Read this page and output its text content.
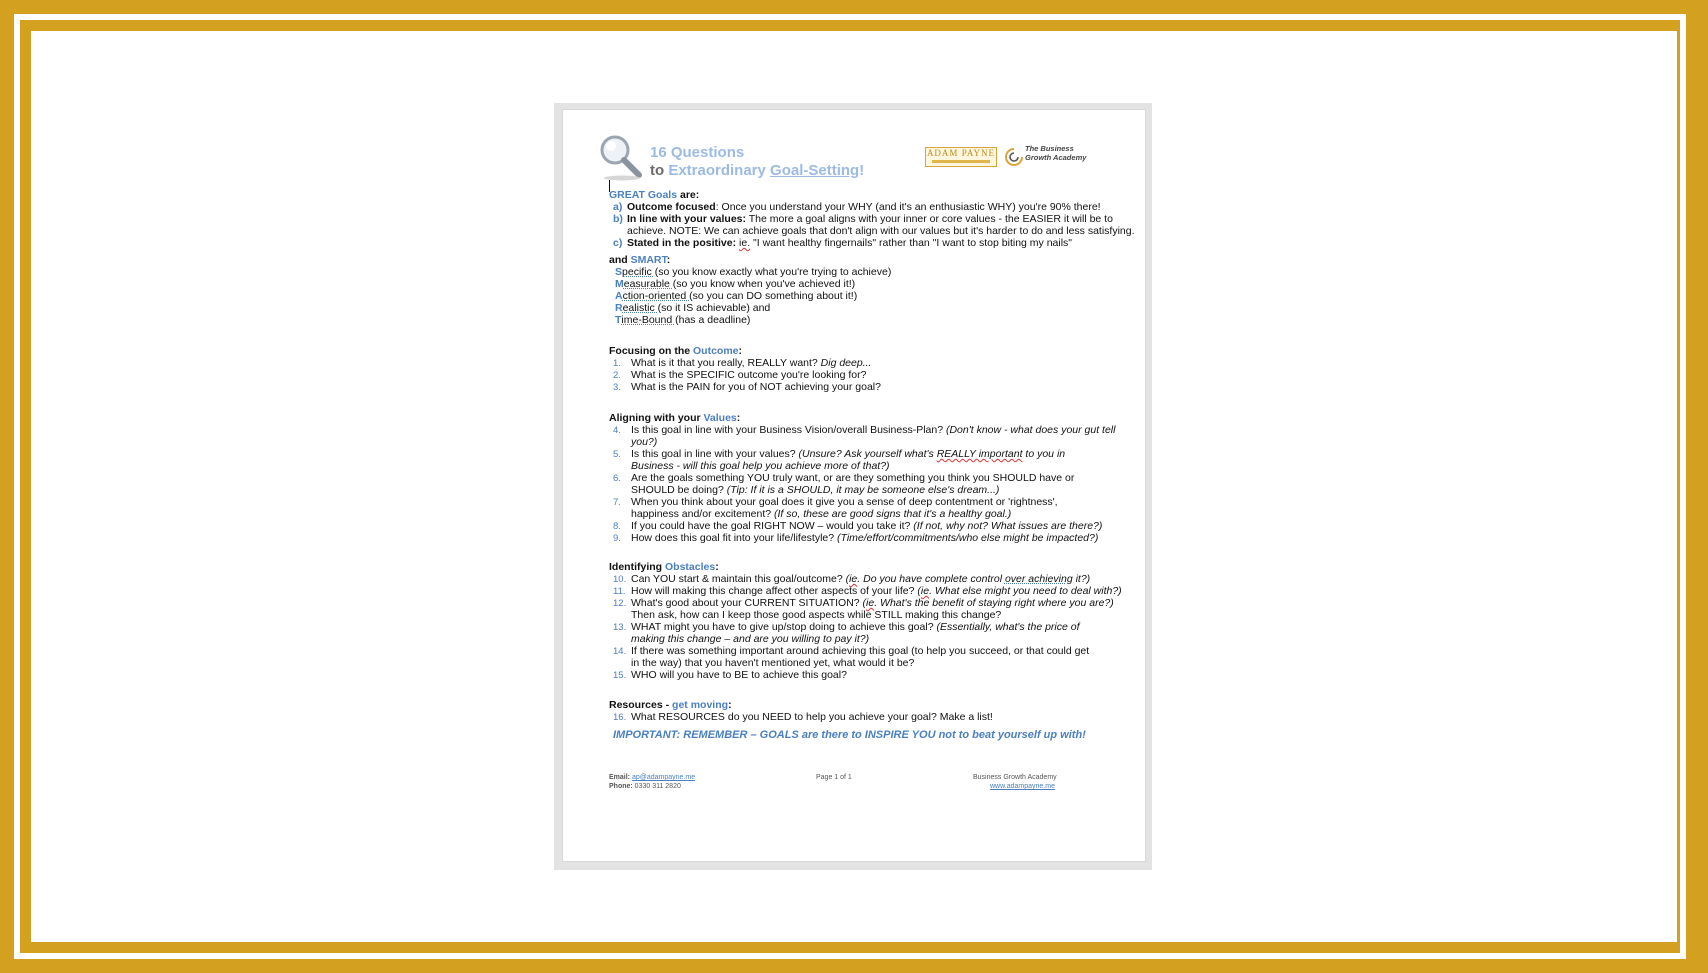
16 Questions
to Extraordinary Goal-Setting!
ADAM PAYNE	The Business
Growth Academy
GREAT Goals are:
a) Outcome focused: Once you understand your WHY (and it's an enthusiastic WHY) you're 90% there!
b) In line with your values: The more a goal aligns with your inner or core values - the EASIER it will be to
achieve. NOTE: We can achieve goals that don't align with our values but it's harder to do and less satisfying.
c) Stated in the positive: ie. "I want healthy fingernails" rather than "I want to stop biting my nails"
and SMART:
Specific (so you know exactly what you're trying to achieve)
Measurable (so you know when you've achieved it!)
Action-oriented (so you can DO something about it!)
Realistic (so it IS achievable) and
Time-Bound (has a deadline)
Focusing on the Outcome:
1. What is it that you really, REALLY want? Dig deep...
2. What is the SPECIFIC outcome you're looking for?
3. What is the PAIN for you of NOT achieving your goal?
Aligning with your Values:
4. Is this goal in line with your Business Vision/overall Business-Plan? (Don't know - what does your gut tell
you?)
5. Is this goal in line with your values? (Unsure? Ask yourself what's REALLY important to you in
Business - will this goal help you achieve more of that?)
6. Are the goals something YOU truly want, or are they something you think you SHOULD have or
SHOULD be doing? (Tip: If it is a SHOULD, it may be someone else's dream...)
7. When you think about your goal does it give you a sense of deep contentment or 'rightness',
happiness and/or excitement? (If so, these are good signs that it's a healthy goal.)
8. If you could have the goal RIGHT NOW – would you take it? (If not, why not? What issues are there?)
9. How does this goal fit into your life/lifestyle? (Time/effort/commitments/who else might be impacted?)
Identifying Obstacles:
10. Can YOU start & maintain this goal/outcome? (ie. Do you have complete control over achieving it?)
11. How will making this change affect other aspects of your life? (ie. What else might you need to deal with?)
12. What's good about your CURRENT SITUATION? (ie. What's the benefit of staying right where you are?)
Then ask, how can I keep those good aspects while STILL making this change?
13. WHAT might you have to give up/stop doing to achieve this goal? (Essentially, what's the price of
making this change – and are you willing to pay it?)
14. If there was something important around achieving this goal (to help you succeed, or that could get
in the way) that you haven't mentioned yet, what would it be?
15. WHO will you have to BE to achieve this goal?
Resources - get moving:
16. What RESOURCES do you NEED to help you achieve your goal? Make a list!
IMPORTANT: REMEMBER – GOALS are there to INSPIRE YOU not to beat yourself up with!
Email: ap@adampayne.me
Phone: 0330 311 2820
Page 1 of 1	Business Growth Academy
www.adampayne.me
